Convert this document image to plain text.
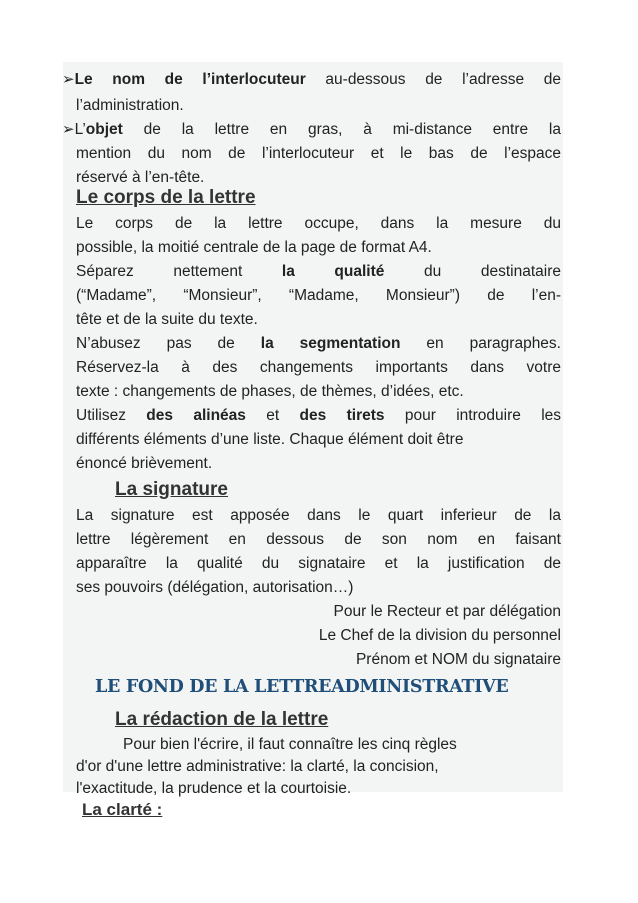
➢Le nom de l’interlocuteur au-dessous de l’adresse de
l’administration.
➢L’objet de la lettre en gras, à mi-distance entre la
mention du nom de l’interlocuteur et le bas de l’espace
réservé à l’en-tête.
Le corps de la lettre
Le corps de la lettre occupe, dans la mesure du
possible, la moitié centrale de la page de format A4.
Séparez nettement la qualité du destinataire
(“Madame”, “Monsieur”, “Madame, Monsieur”) de l’en-
tête et de la suite du texte.
N’abusez pas de la segmentation en paragraphes.
Réservez-la à des changements importants dans votre
texte : changements de phases, de thèmes, d’idées, etc.
Utilisez des alinéas et des tirets pour introduire les
différents éléments d’une liste. Chaque élément doit être
énoncé brièvement.
La signature
La signature est apposée dans le quart inferieur de la
lettre légèrement en dessous de son nom en faisant
apparaître la qualité du signataire et la justification de
ses pouvoirs (délégation, autorisation…)
Pour le Recteur et par délégation
Le Chef de la division du personnel
Prénom et NOM du signataire
LE FOND DE LA LETTREADMINISTRATIVE
La rédaction de la lettre
Pour bien l'écrire, il faut connaître les cinq règles
d'or d'une lettre administrative: la clarté, la concision,
l'exactitude, la prudence et la courtoisie.
La clarté :
